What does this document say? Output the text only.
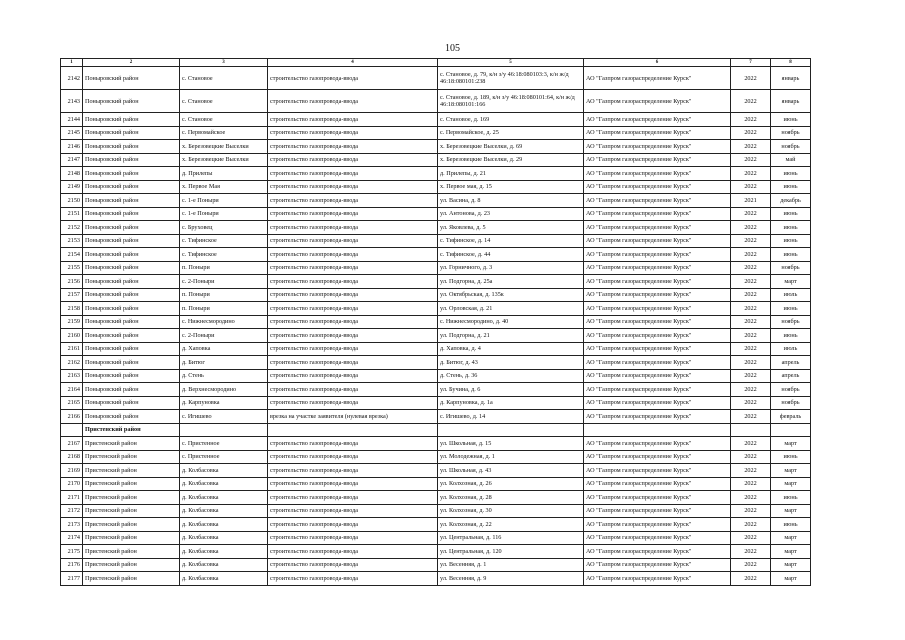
105
1	2	3	4	5	6	7	8
2142	Поныровский район	с. Становое	строительство газопровода-ввода	с. Становое, д. 79, к/н з/у 46:18:080103:3, к/н ж/д 46:18:080101:238	АО "Газпром газораспределение Курск"	2022	январь
2143	Поныровский район	с. Становое	строительство газопровода-ввода	с. Становое, д. 189, к/н з/у 46:18:080101:64, к/н ж/д 46:18:080101:166	АО "Газпром газораспределение Курск"	2022	январь
2144	Поныровский район	с. Становое	строительство газопровода-ввода	с. Становое, д. 169	АО "Газпром газораспределение Курск"	2022	июнь
2145	Поныровский район	с. Первомайское	строительство газопровода-ввода	с. Первомайское, д. 25	АО "Газпром газораспределение Курск"	2022	ноябрь
2146	Поныровский район	х. Березовецкие Выселки	строительство газопровода-ввода	х. Березовецкие Выселки, д. 69	АО "Газпром газораспределение Курск"	2022	ноябрь
2147	Поныровский район	х. Березовецкие Выселки	строительство газопровода-ввода	х. Березовецкие Выселки, д. 29	АО "Газпром газораспределение Курск"	2022	май
2148	Поныровский район	д. Прилепы	строительство газопровода-ввода	д. Прилепы, д. 21	АО "Газпром газораспределение Курск"	2022	июнь
2149	Поныровский район	х. Первое Мая	строительство газопровода-ввода	х. Первое мая, д. 15	АО "Газпром газораспределение Курск"	2022	июнь
2150	Поныровский район	с. 1-е Поныри	строительство газопровода-ввода	ул. Васина, д. 8	АО "Газпром газораспределение Курск"	2021	декабрь
2151	Поныровский район	с. 1-е Поныри	строительство газопровода-ввода	ул. Антонова, д. 23	АО "Газпром газораспределение Курск"	2022	июнь
2152	Поныровский район	с. Бруховец	строительство газопровода-ввода	ул. Яковлева, д. 5	АО "Газпром газораспределение Курск"	2022	июнь
2153	Поныровский район	с. Тифинское	строительство газопровода-ввода	с. Тифинское, д. 14	АО "Газпром газораспределение Курск"	2022	июнь
2154	Поныровский район	с. Тифинское	строительство газопровода-ввода	с. Тифинское, д. 44	АО "Газпром газораспределение Курск"	2022	июнь
2155	Поныровский район	п. Поныри	строительство газопровода-ввода	ул. Горничного, д. 3	АО "Газпром газораспределение Курск"	2022	ноябрь
2156	Поныровский район	с. 2-Поныри	строительство газопровода-ввода	ул. Подгорна, д. 25а	АО "Газпром газораспределение Курск"	2022	март
2157	Поныровский район	п. Поныри	строительство газопровода-ввода	ул. Октябрьская, д. 135к	АО "Газпром газораспределение Курск"	2022	июль
2158	Поныровский район	п. Поныри	строительство газопровода-ввода	ул. Орловская, д. 21	АО "Газпром газораспределение Курск"	2022	июнь
2159	Поныровский район	с. Нижнесмородино	строительство газопровода-ввода	с. Нижнесмородино, д. 40	АО "Газпром газораспределение Курск"	2022	ноябрь
2160	Поныровский район	с. 2-Поныри	строительство газопровода-ввода	ул. Подгорна, д. 21	АО "Газпром газораспределение Курск"	2022	июнь
2161	Поныровский район	д. Хаповка	строительство газопровода-ввода	д. Хаповка, д. 4	АО "Газпром газораспределение Курск"	2022	июль
2162	Поныровский район	д. Битюг	строительство газопровода-ввода	д. Битюг, д. 43	АО "Газпром газораспределение Курск"	2022	апрель
2163	Поныровский район	д. Стень	строительство газопровода-ввода	д. Стень, д. 36	АО "Газпром газораспределение Курск"	2022	апрель
2164	Поныровский район	д. Верхнесмородино	строительство газопровода-ввода	ул. Бучина, д. 6	АО "Газпром газораспределение Курск"	2022	ноябрь
2165	Поныровский район	д. Карпуновка	строительство газопровода-ввода	д. Карпуновка, д. 1а	АО "Газпром газораспределение Курск"	2022	ноябрь
2166	Поныровский район	с. Игишево	врезка на участке заявителя (нулевая врезка)	с. Игишево, д. 14	АО "Газпром газораспределение Курск"	2022	февраль
	Пристенский район						
2167	Пристенский район	с. Пристенное	строительство газопровода-ввода	ул. Школьная, д. 15	АО "Газпром газораспределение Курск"	2022	март
2168	Пристенский район	с. Пристенное	строительство газопровода-ввода	ул. Молодежная, д. 1	АО "Газпром газораспределение Курск"	2022	июнь
2169	Пристенский район	д. Колбасовка	строительство газопровода-ввода	ул. Школьная, д. 43	АО "Газпром газораспределение Курск"	2022	март
2170	Пристенский район	д. Колбасовка	строительство газопровода-ввода	ул. Колхозная, д. 26	АО "Газпром газораспределение Курск"	2022	март
2171	Пристенский район	д. Колбасовка	строительство газопровода-ввода	ул. Колхозная, д. 28	АО "Газпром газораспределение Курск"	2022	июнь
2172	Пристенский район	д. Колбасовка	строительство газопровода-ввода	ул. Колхозная, д. 30	АО "Газпром газораспределение Курск"	2022	март
2173	Пристенский район	д. Колбасовка	строительство газопровода-ввода	ул. Колхозная, д. 22	АО "Газпром газораспределение Курск"	2022	июнь
2174	Пристенский район	д. Колбасовка	строительство газопровода-ввода	ул. Центральная, д. 116	АО "Газпром газораспределение Курск"	2022	март
2175	Пристенский район	д. Колбасовка	строительство газопровода-ввода	ул. Центральная, д. 120	АО "Газпром газораспределение Курск"	2022	март
2176	Пристенский район	д. Колбасовка	строительство газопровода-ввода	ул. Весенняя, д. 1	АО "Газпром газораспределение Курск"	2022	март
2177	Пристенский район	д. Колбасовка	строительство газопровода-ввода	ул. Весенняя, д. 9	АО "Газпром газораспределение Курск"	2022	март
